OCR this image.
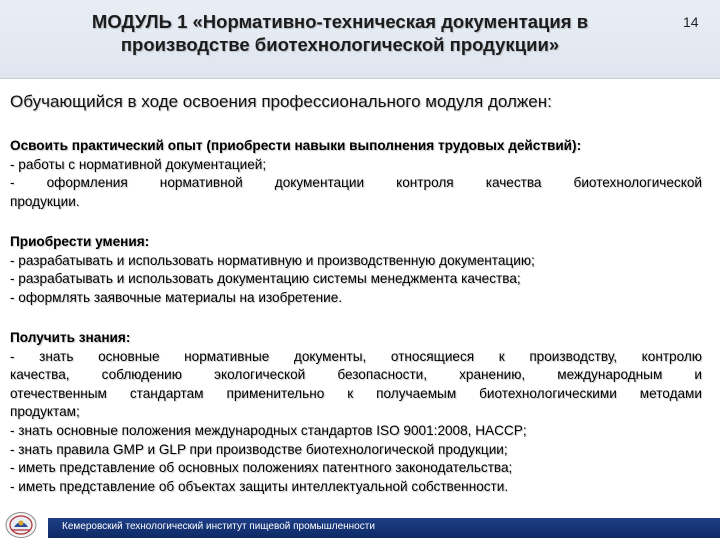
МОДУЛЬ 1 «Нормативно-техническая документация в
производстве биотехнологической продукции»
14
Обучающийся в ходе освоения профессионального модуля должен:
Освоить практический опыт (приобрести навыки выполнения трудовых действий):
- работы с нормативной документацией;
- оформления нормативной документации контроля качества биотехнологической
продукции.
Приобрести умения:
- разрабатывать и использовать нормативную и производственную документацию;
- разрабатывать и использовать документацию системы менеджмента качества;
- оформлять заявочные материалы на изобретение.
Получить знания:
- знать основные нормативные документы, относящиеся к производству, контролю
качества, соблюдению экологической безопасности, хранению, международным и
отечественным стандартам применительно к получаемым биотехнологическими методами
продуктам;
- знать основные положения международных стандартов ISO 9001:2008, HACCP;
- знать правила GMP и GLP при производстве биотехнологической продукции;
- иметь представление об основных положениях патентного законодательства;
- иметь представление об объектах защиты интеллектуальной собственности.
Кемеровский технологический институт пищевой промышленности
